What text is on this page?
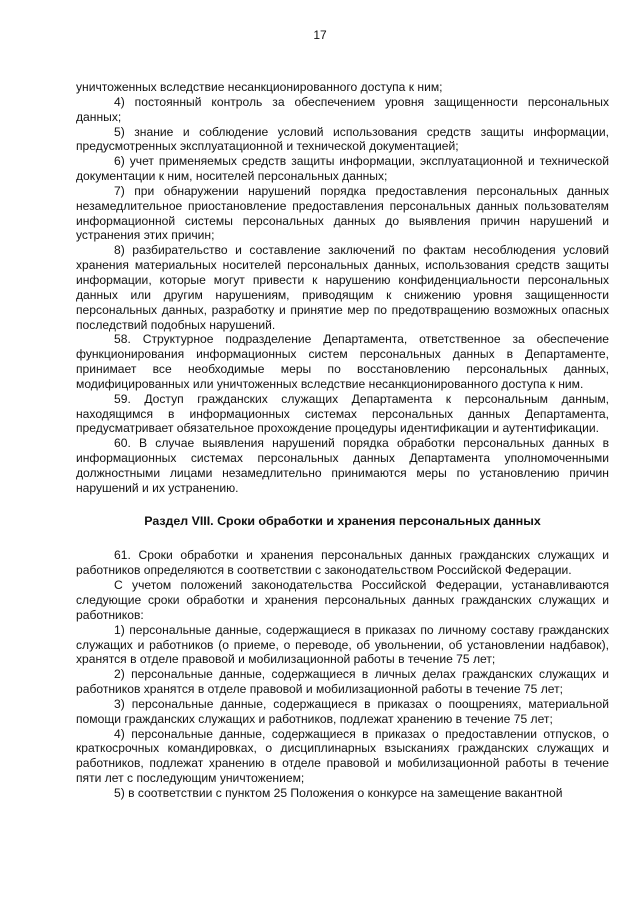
17

уничтоженных вследствие несанкционированного доступа к ним;

4) постоянный контроль за обеспечением уровня защищенности персональных данных;

5) знание и соблюдение условий использования средств защиты информации, предусмотренных эксплуатационной и технической документацией;

6) учет применяемых средств защиты информации, эксплуатационной и технической документации к ним, носителей персональных данных;

7) при обнаружении нарушений порядка предоставления персональных данных незамедлительное приостановление предоставления персональных данных пользователям информационной системы персональных данных до выявления причин нарушений и устранения этих причин;

8) разбирательство и составление заключений по фактам несоблюдения условий хранения материальных носителей персональных данных, использования средств защиты информации, которые могут привести к нарушению конфиденциальности персональных данных или другим нарушениям, приводящим к снижению уровня защищенности персональных данных, разработку и принятие мер по предотвращению возможных опасных последствий подобных нарушений.

58. Структурное подразделение Департамента, ответственное за обеспечение функционирования информационных систем персональных данных в Департаменте, принимает все необходимые меры по восстановлению персональных данных, модифицированных или уничтоженных вследствие несанкционированного доступа к ним.

59. Доступ гражданских служащих Департамента к персональным данным, находящимся в информационных системах персональных данных Департамента, предусматривает обязательное прохождение процедуры идентификации и аутентификации.

60. В случае выявления нарушений порядка обработки персональных данных в информационных системах персональных данных Департамента уполномоченными должностными лицами незамедлительно принимаются меры по установлению причин нарушений и их устранению.

Раздел VIII. Сроки обработки и хранения персональных данных

61. Сроки обработки и хранения персональных данных гражданских служащих и работников определяются в соответствии с законодательством Российской Федерации.

С учетом положений законодательства Российской Федерации, устанавливаются следующие сроки обработки и хранения персональных данных гражданских служащих и работников:

1) персональные данные, содержащиеся в приказах по личному составу гражданских служащих и работников (о приеме, о переводе, об увольнении, об установлении надбавок), хранятся в отделе правовой и мобилизационной работы в течение 75 лет;

2) персональные данные, содержащиеся в личных делах гражданских служащих и работников хранятся в отделе правовой и мобилизационной работы в течение 75 лет;

3) персональные данные, содержащиеся в приказах о поощрениях, материальной помощи гражданских служащих и работников, подлежат хранению в течение 75 лет;

4) персональные данные, содержащиеся в приказах о предоставлении отпусков, о краткосрочных командировках, о дисциплинарных взысканиях гражданских служащих и работников, подлежат хранению в отделе правовой и мобилизационной работы в течение пяти лет с последующим уничтожением;

5) в соответствии с пунктом 25 Положения о конкурсе на замещение вакантной
